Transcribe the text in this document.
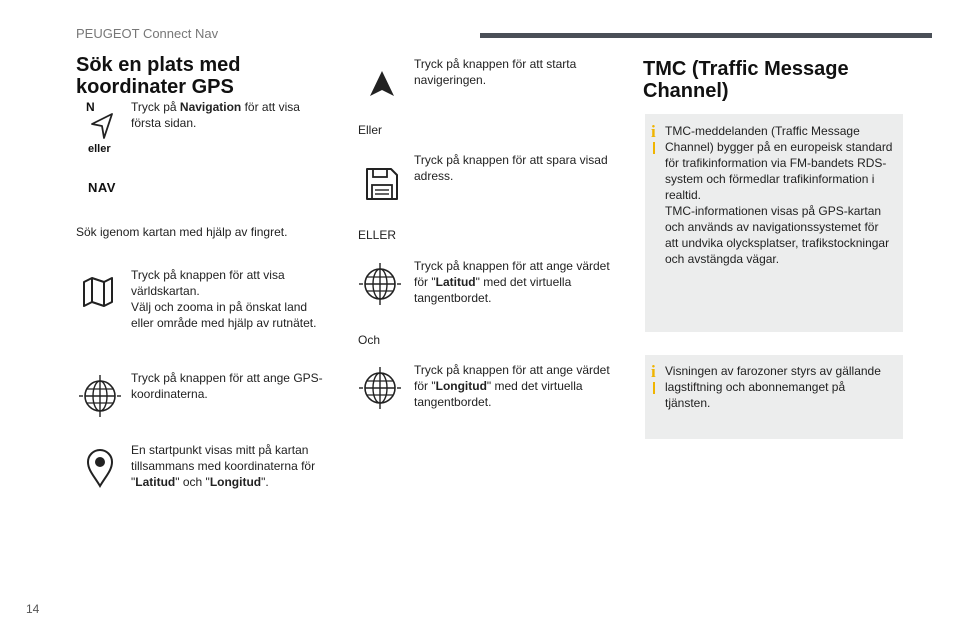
PEUGEOT Connect Nav
Sök en plats med
koordinater GPS
N	Tryck på Navigation för att visa
första sidan.
eller
NAV
Sök igenom kartan med hjälp av fingret.
Tryck på knappen för att visa
världskartan.
Välj och zooma in på önskat land
eller område med hjälp av rutnätet.
Tryck på knappen för att ange GPS-
koordinaterna.
En startpunkt visas mitt på kartan
tillsammans med koordinaterna för
"Latitud" och "Longitud".
Tryck på knappen för att starta
navigeringen.
Eller
Tryck på knappen för att spara visad
adress.
ELLER
Tryck på knappen för att ange värdet
för "Latitud" med det virtuella
tangentbordet.
Och
Tryck på knappen för att ange värdet
för "Longitud" med det virtuella
tangentbordet.
TMC (Traffic Message
Channel)
i TMC-meddelanden (Traffic Message
Channel) bygger på en europeisk standard
för trafikinformation via FM-bandets RDS-
system och förmedlar trafikinformation i
realtid.
TMC-informationen visas på GPS-kartan
och används av navigationssystemet för
att undvika olycksplatser, trafikstockningar
och avstängda vägar.
i Visningen av farozoner styrs av gällande
lagstiftning och abonnemanget på
tjänsten.
14
